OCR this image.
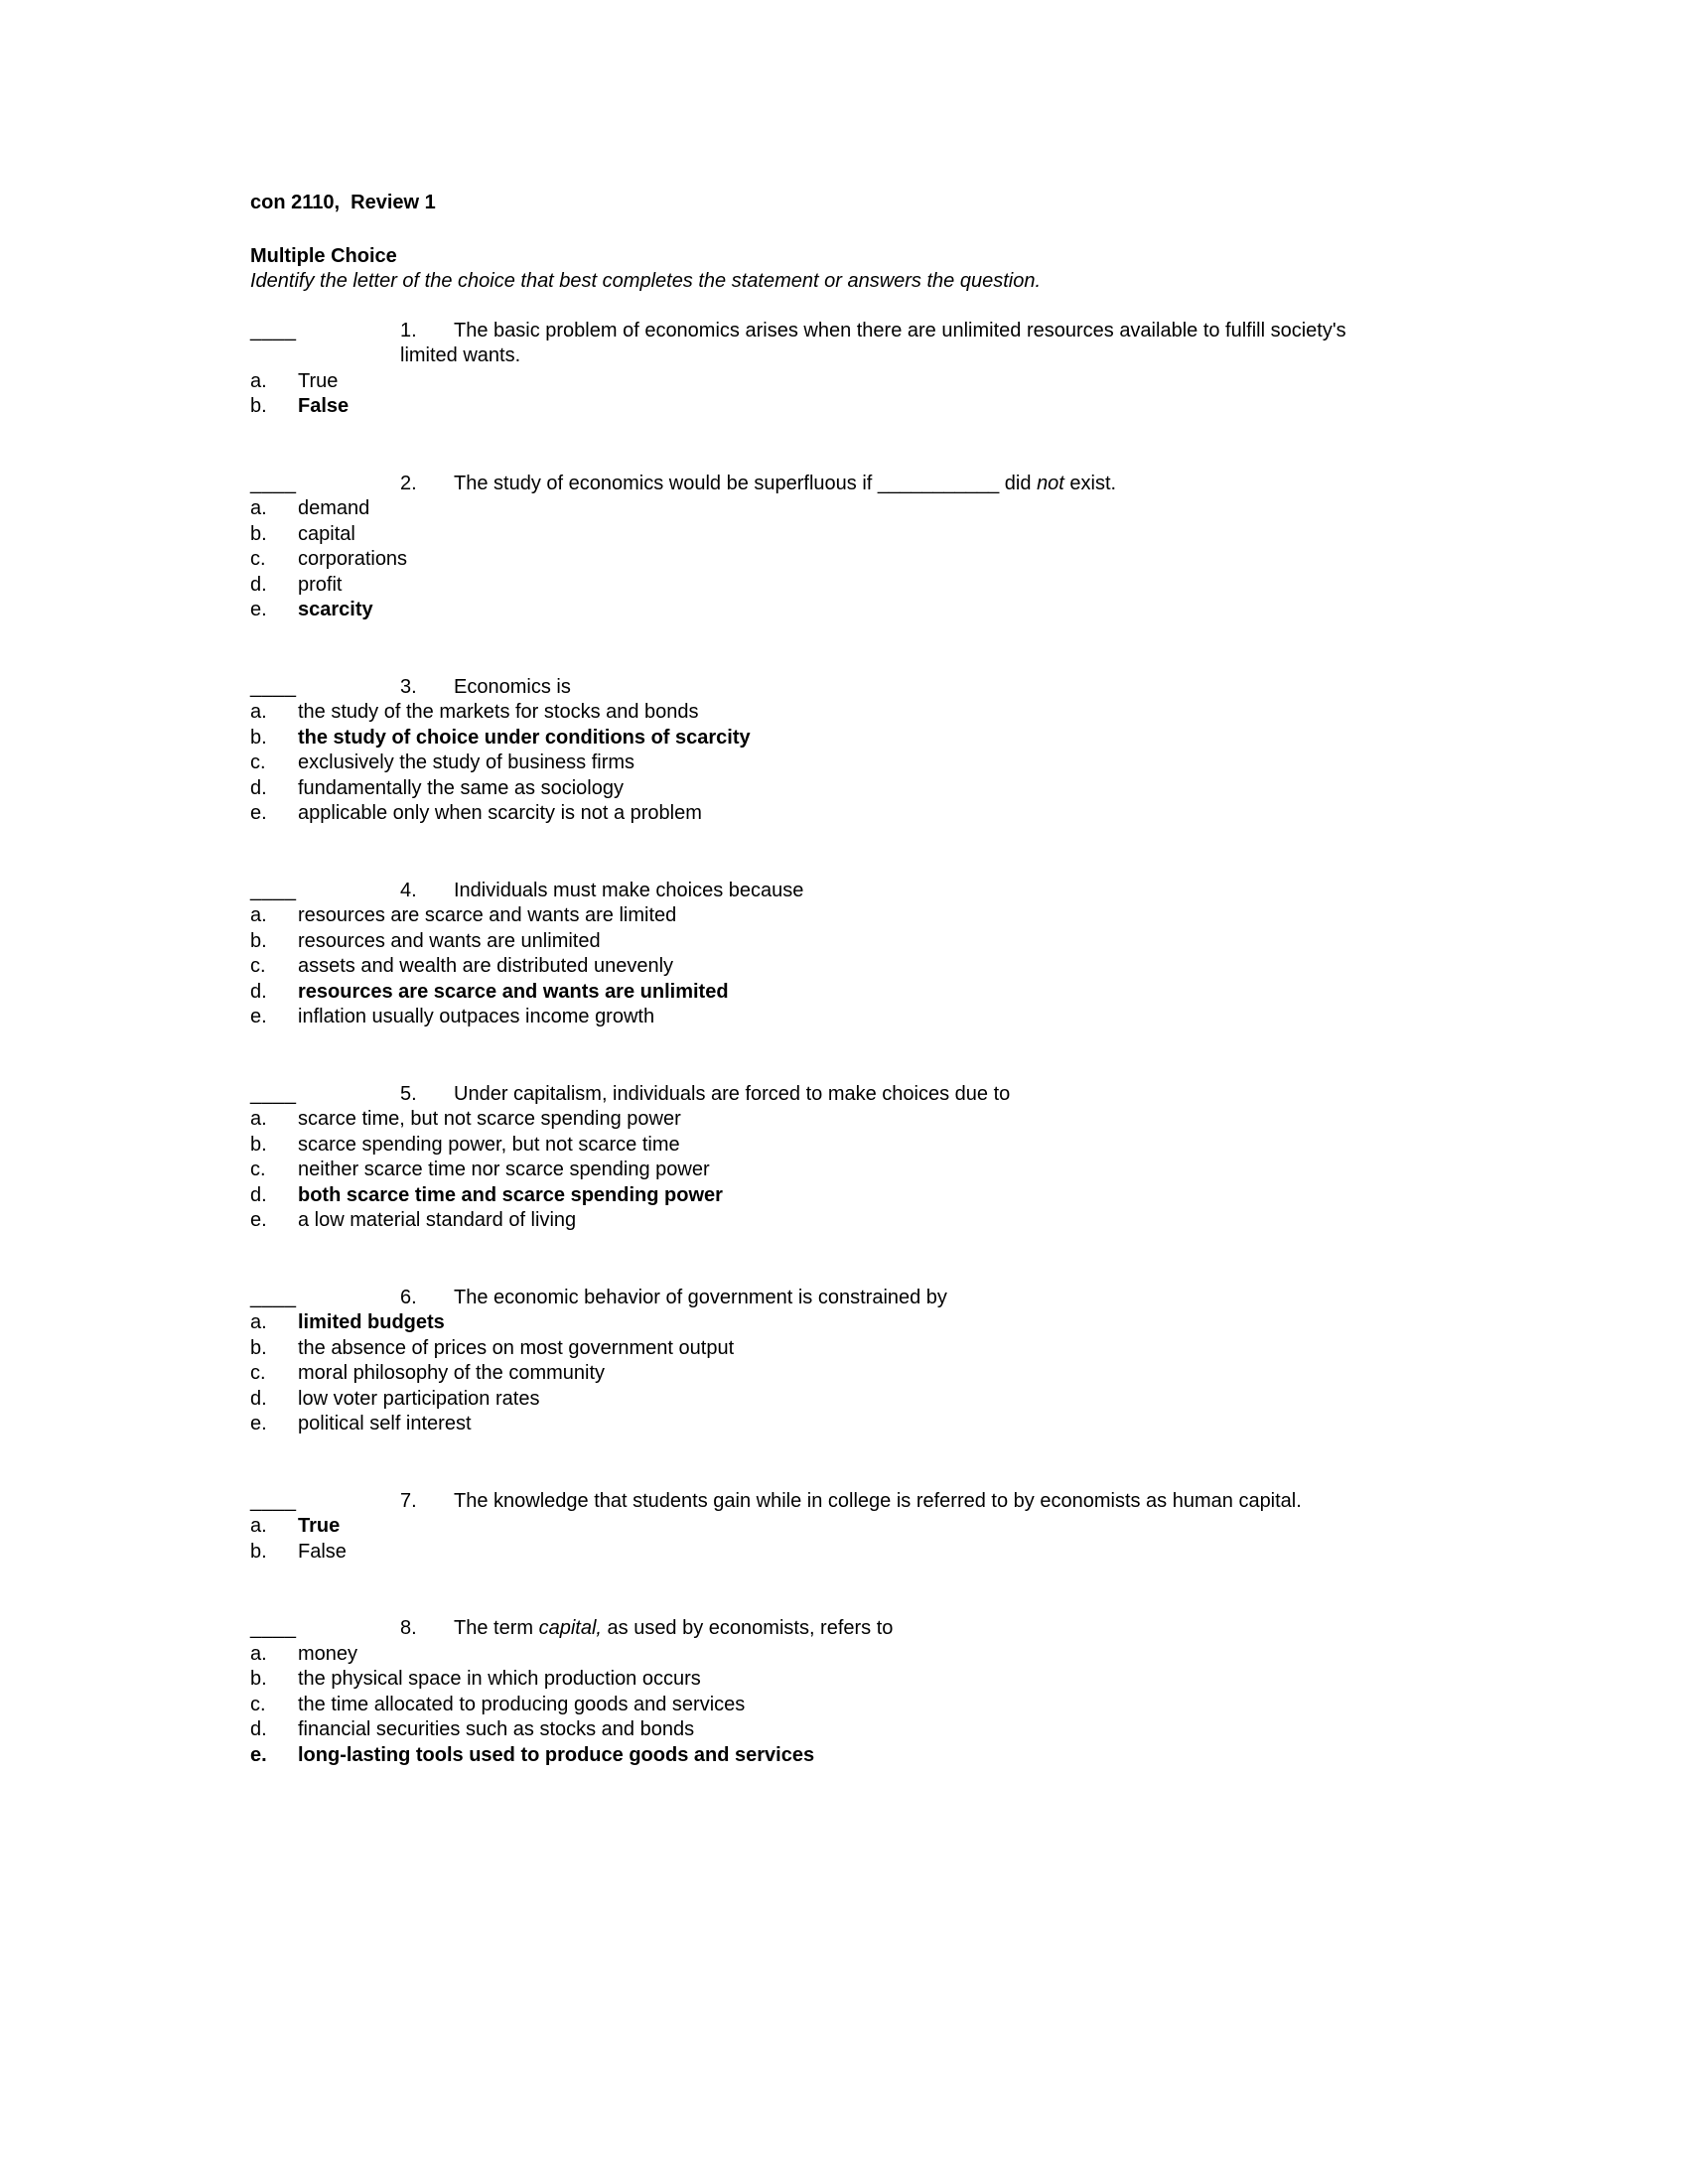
con 2110,  Review 1
Multiple Choice
Identify the letter of the choice that best completes the statement or answers the question.
____	1. The basic problem of economics arises when there are unlimited resources available to fulfill society's limited wants.
a. True
b. False
____	2. The study of economics would be superfluous if ___________ did not exist.
a. demand
b. capital
c. corporations
d. profit
e. scarcity
____	3. Economics is
a. the study of the markets for stocks and bonds
b. the study of choice under conditions of scarcity
c. exclusively the study of business firms
d. fundamentally the same as sociology
e. applicable only when scarcity is not a problem
____	4. Individuals must make choices because
a. resources are scarce and wants are limited
b. resources and wants are unlimited
c. assets and wealth are distributed unevenly
d. resources are scarce and wants are unlimited
e. inflation usually outpaces income growth
____	5. Under capitalism, individuals are forced to make choices due to
a. scarce time, but not scarce spending power
b. scarce spending power, but not scarce time
c. neither scarce time nor scarce spending power
d. both scarce time and scarce spending power
e. a low material standard of living
____	6. The economic behavior of government is constrained by
a. limited budgets
b. the absence of prices on most government output
c. moral philosophy of the community
d. low voter participation rates
e. political self interest
____	7. The knowledge that students gain while in college is referred to by economists as human capital.
a. True
b. False
____	8. The term capital, as used by economists, refers to
a. money
b. the physical space in which production occurs
c. the time allocated to producing goods and services
d. financial securities such as stocks and bonds
e. long-lasting tools used to produce goods and services
